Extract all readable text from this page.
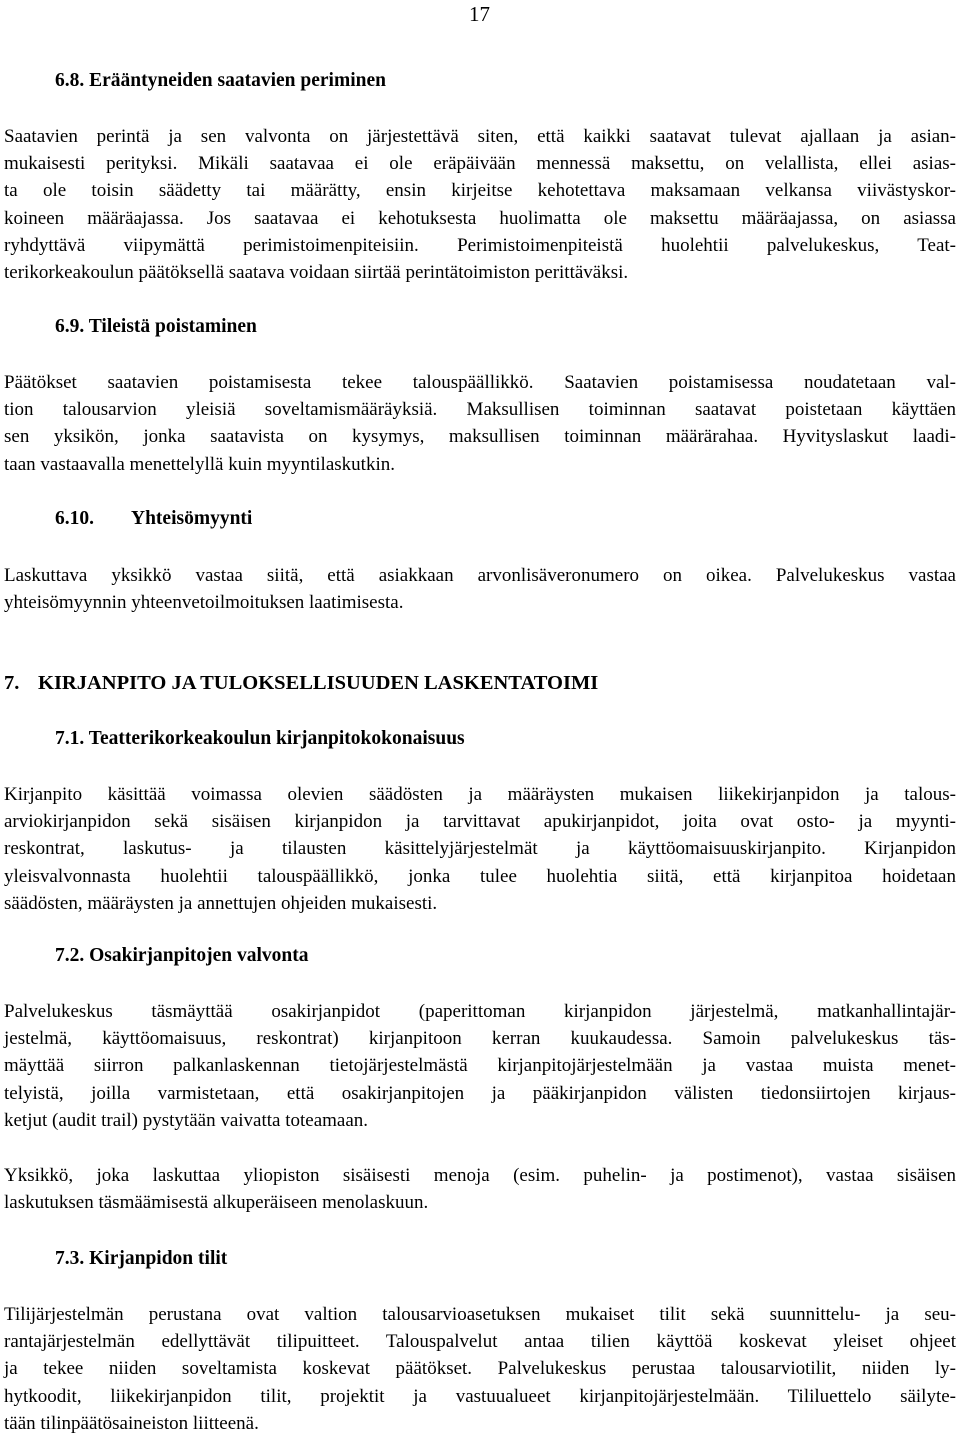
17
6.8. Erääntyneiden saatavien periminen
Saatavien perintä ja sen valvonta on järjestettävä siten, että kaikki saatavat tulevat ajallaan ja asian-
mukaisesti perityksi. Mikäli saatavaa ei ole eräpäivään mennessä maksettu, on velallista, ellei asias-
ta ole toisin säädetty tai määrätty, ensin kirjeitse kehotettava maksamaan velkansa viivästyskor-
koineen määräajassa. Jos saatavaa ei kehotuksesta huolimatta ole maksettu määräajassa, on asiassa
ryhdyttävä viipymättä perimistoimenpiteisiin. Perimistoimenpiteistä huolehtii palvelukeskus, Teat-
terikorkeakoulun päätöksellä saatava voidaan siirtää perintätoimiston perittäväksi.
6.9. Tileistä poistaminen
Päätökset saatavien poistamisesta tekee talouspäällikkö. Saatavien poistamisessa noudatetaan val-
tion talousarvion yleisiä soveltamismääräyksiä. Maksullisen toiminnan saatavat poistetaan käyttäen
sen yksikön, jonka saatavista on kysymys, maksullisen toiminnan määrärahaa. Hyvityslaskut laadi-
taan vastaavalla menettelyllä kuin myyntilaskutkin.
6.10. Yhteisömyynti
Laskuttava yksikkö vastaa siitä, että asiakkaan arvonlisäveronumero on oikea. Palvelukeskus vastaa
yhteisömyynnin yhteenvetoilmoituksen laatimisesta.
7. KIRJANPITO JA TULOKSELLISUUDEN LASKENTATOIMI
7.1. Teatterikorkeakoulun kirjanpitokokonaisuus
Kirjanpito käsittää voimassa olevien säädösten ja määräysten mukaisen liikekirjanpidon ja talous-
arviokirjanpidon sekä sisäisen kirjanpidon ja tarvittavat apukirjanpidot, joita ovat osto- ja myynti-
reskontrat, laskutus- ja tilausten käsittelyjärjestelmät ja käyttöomaisuuskirjanpito. Kirjanpidon
yleisvalvonnasta huolehtii talouspäällikkö, jonka tulee huolehtia siitä, että kirjanpitoa hoidetaan
säädösten, määräysten ja annettujen ohjeiden mukaisesti.
7.2. Osakirjanpitojen valvonta
Palvelukeskus täsmäyttää osakirjanpidot (paperittoman kirjanpidon järjestelmä, matkanhallintajär-
jestelmä, käyttöomaisuus, reskontrat) kirjanpitoon kerran kuukaudessa. Samoin palvelukeskus täs-
mäyttää siirron palkanlaskennan tietojärjestelmästä kirjanpitojärjestelmään ja vastaa muista menet-
telyistä, joilla varmistetaan, että osakirjanpitojen ja pääkirjanpidon välisten tiedonsiirtojen kirjaus-
ketjut (audit trail) pystytään vaivatta toteamaan.
Yksikkö, joka laskuttaa yliopiston sisäisesti menoja (esim. puhelin- ja postimenot), vastaa sisäisen
laskutuksen täsmäämisestä alkuperäiseen menolaskuun.
7.3. Kirjanpidon tilit
Tilijärjestelmän perustana ovat valtion talousarvioasetuksen mukaiset tilit sekä suunnittelu- ja seu-
rantajärjestelmän edellyttävät tilipuitteet. Talouspalvelut antaa tilien käyttöä koskevat yleiset ohjeet
ja tekee niiden soveltamista koskevat päätökset. Palvelukeskus perustaa talousarviotilit, niiden ly-
hytkoodit, liikekirjanpidon tilit, projektit ja vastuualueet kirjanpitojärjestelmään. Tililuettelo säilyte-
tään tilinpäätösaineiston liitteenä.
